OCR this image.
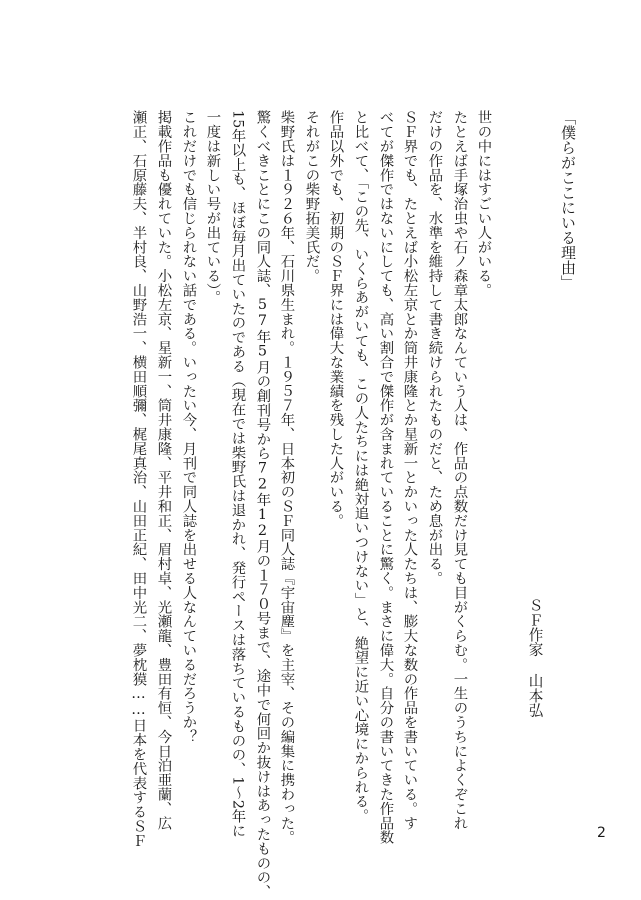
「僕らがここにいる理由」
ＳＦ作家 山本弘
世の中にはすごい人がいる。
たとえば手塚治虫や石ノ森章太郎なんていう人は、作品の点数だけ見ても目がくらむ。一生のうちによくぞこれ
だけの作品を、水準を維持して書き続けられたものだと、ため息が出る。
ＳＦ界でも、たとえば小松左京とか筒井康隆とか星新一とかいった人たちは、膨大な数の作品を書いている。す
べてが傑作ではないにしても、高い割合で傑作が含まれていることに驚く。まさに偉大。自分の書いてきた作品数
と比べて、「この先、いくらあがいても、この人たちには絶対追いつけない」と、絶望に近い心境にかられる。
作品以外でも、初期のＳＦ界には偉大な業績を残した人がいる。
それがこの柴野拓美氏だ。
柴野氏は１９２６年、石川県生まれ。１９５７年、日本初のＳＦ同人誌『宇宙塵』を主宰、その編集に携わった。
驚くべきことにこの同人誌、57年5月の創刊号から72年12月の１７０号まで、途中で何回か抜けはあったものの、
15年以上も、ほぼ毎月出ていたのである（現在では柴野氏は退かれ、発行ペースは落ちているものの、1～2年に
一度は新しい号が出ている）。
これだけでも信じられない話である。いったい今、月刊で同人誌を出せる人なんているだろうか？
掲載作品も優れていた。小松左京、星新一、筒井康隆、平井和正、眉村卓、光瀬龍、豊田有恒、今日泊亜蘭、広
瀬正、石原藤夫、半村良、山野浩一、横田順彌、梶尾真治、山田正紀、田中光二、夢枕獏……日本を代表するＳＦ	2
